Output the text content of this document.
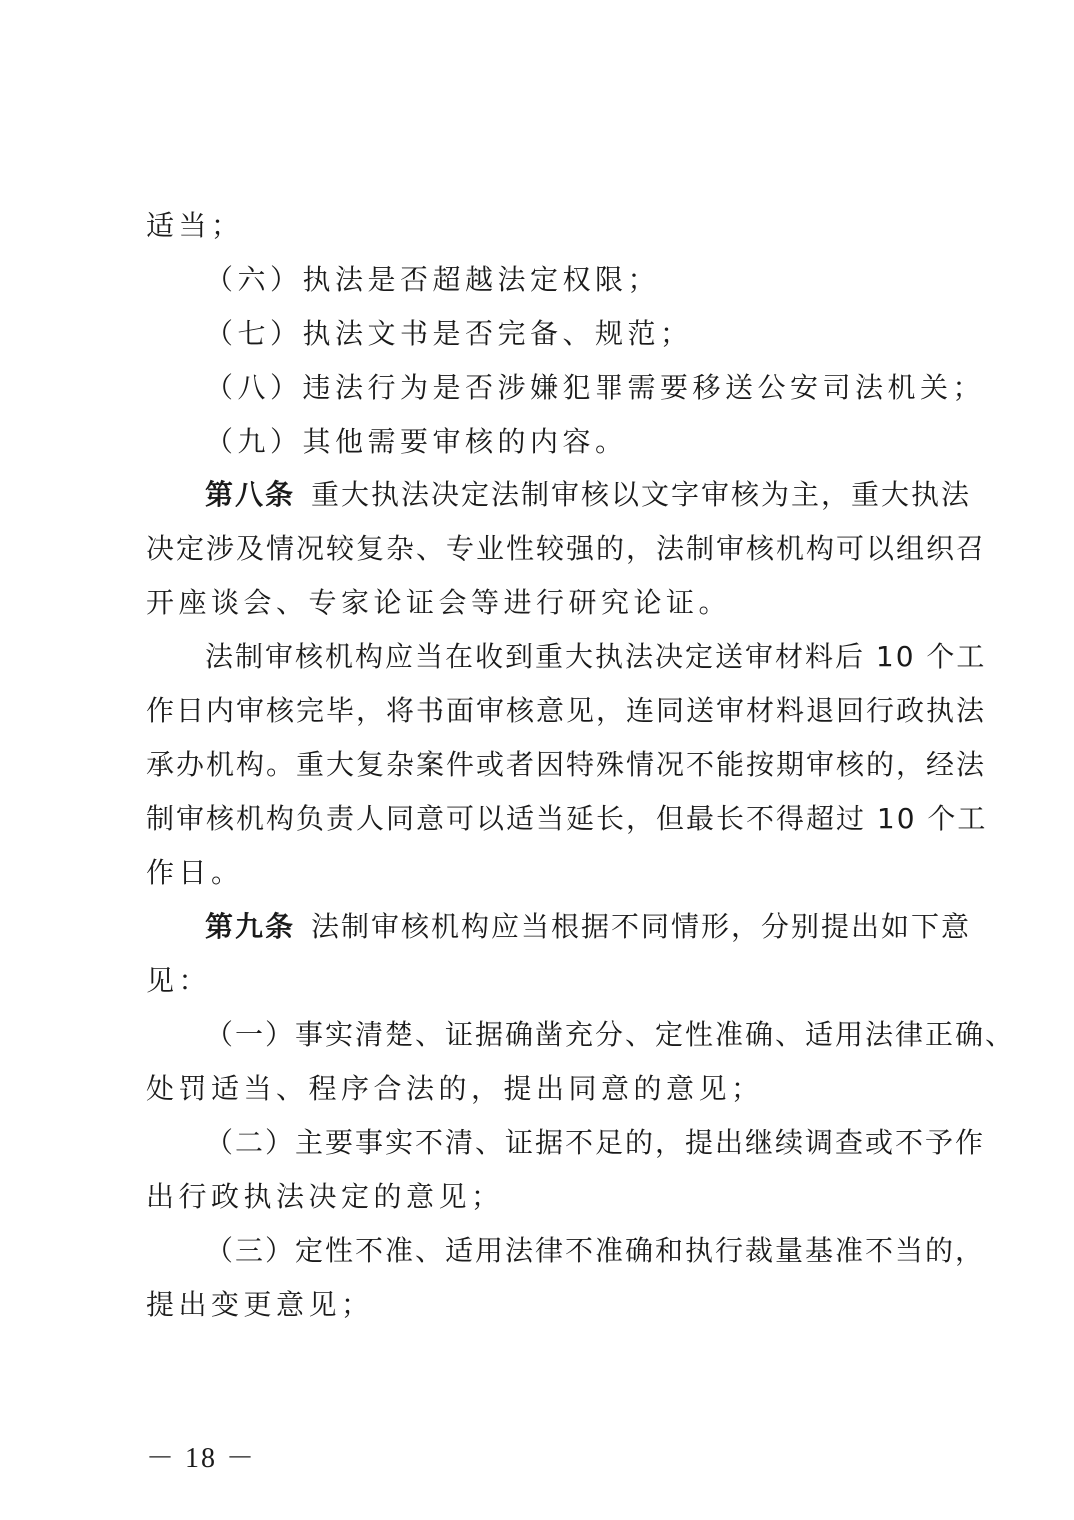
适当；
（六）执法是否超越法定权限；
（七）执法文书是否完备、规范；
（八）违法行为是否涉嫌犯罪需要移送公安司法机关；
（九）其他需要审核的内容。
第八条 重大执法决定法制审核以文字审核为主，重大执法
决定涉及情况较复杂、专业性较强的，法制审核机构可以组织召
开座谈会、专家论证会等进行研究论证。
法制审核机构应当在收到重大执法决定送审材料后 10 个工
作日内审核完毕，将书面审核意见，连同送审材料退回行政执法
承办机构。重大复杂案件或者因特殊情况不能按期审核的，经法
制审核机构负责人同意可以适当延长，但最长不得超过 10 个工
作日。
第九条 法制审核机构应当根据不同情形，分别提出如下意
见：
（一）事实清楚、证据确凿充分、定性准确、适用法律正确、
处罚适当、程序合法的，提出同意的意见；
（二）主要事实不清、证据不足的，提出继续调查或不予作
出行政执法决定的意见；
（三）定性不准、适用法律不准确和执行裁量基准不当的，
提出变更意见；
－ 18 －
